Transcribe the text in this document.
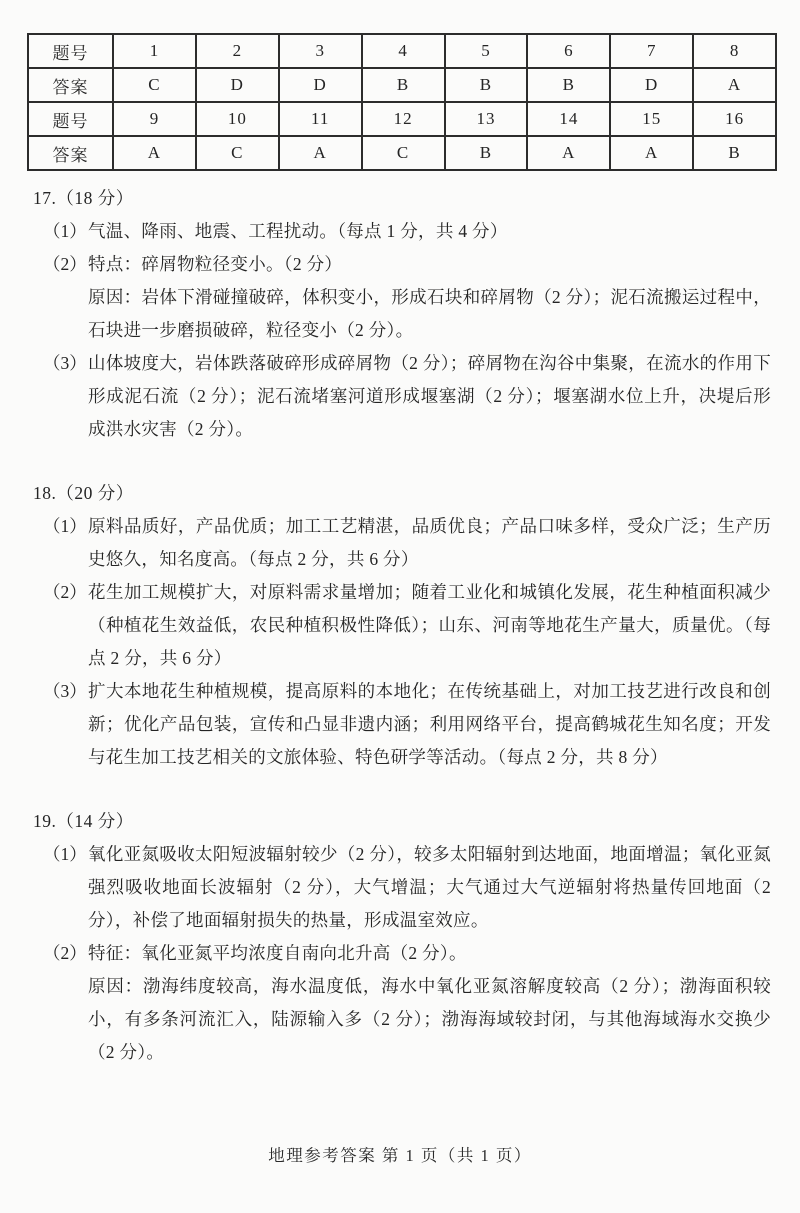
题号	1	2	3	4	5	6	7	8
答案	C	D	D	B	B	B	D	A
题号	9	10	11	12	13	14	15	16
答案	A	C	A	C	B	A	A	B
17.（18 分）
（1） 气温、降雨、地震、工程扰动。（每点 1 分，共 4 分）

（2） 特点：碎屑物粒径变小。（2 分）

原因：岩体下滑碰撞破碎，体积变小，形成石块和碎屑物（2 分）；泥石流搬运过程中，石块进一步磨损破碎，粒径变小（2 分）。

（3） 山体坡度大，岩体跌落破碎形成碎屑物（2 分）；碎屑物在沟谷中集聚，在流水的作用下形成泥石流（2 分）；泥石流堵塞河道形成堰塞湖（2 分）；堰塞湖水位上升，决堤后形成洪水灾害（2 分）。

18.（20 分）
（1） 原料品质好，产品优质；加工工艺精湛，品质优良；产品口味多样，受众广泛；生产历史悠久，知名度高。（每点 2 分，共 6 分）

（2） 花生加工规模扩大，对原料需求量增加；随着工业化和城镇化发展，花生种植面积减少（种植花生效益低，农民种植积极性降低）；山东、河南等地花生产量大，质量优。（每点 2 分，共 6 分）

（3） 扩大本地花生种植规模，提高原料的本地化；在传统基础上，对加工技艺进行改良和创新；优化产品包装，宣传和凸显非遗内涵；利用网络平台，提高鹤城花生知名度；开发与花生加工技艺相关的文旅体验、特色研学等活动。（每点 2 分，共 8 分）

19.（14 分）
（1） 氧化亚氮吸收太阳短波辐射较少（2 分），较多太阳辐射到达地面，地面增温；氧化亚氮强烈吸收地面长波辐射（2 分），大气增温；大气通过大气逆辐射将热量传回地面（2 分），补偿了地面辐射损失的热量，形成温室效应。

（2） 特征：氧化亚氮平均浓度自南向北升高（2 分）。

原因：渤海纬度较高，海水温度低，海水中氧化亚氮溶解度较高（2 分）；渤海面积较小，有多条河流汇入，陆源输入多（2 分）；渤海海域较封闭，与其他海域海水交换少（2 分）。

地理参考答案 第 1 页（共 1 页）
